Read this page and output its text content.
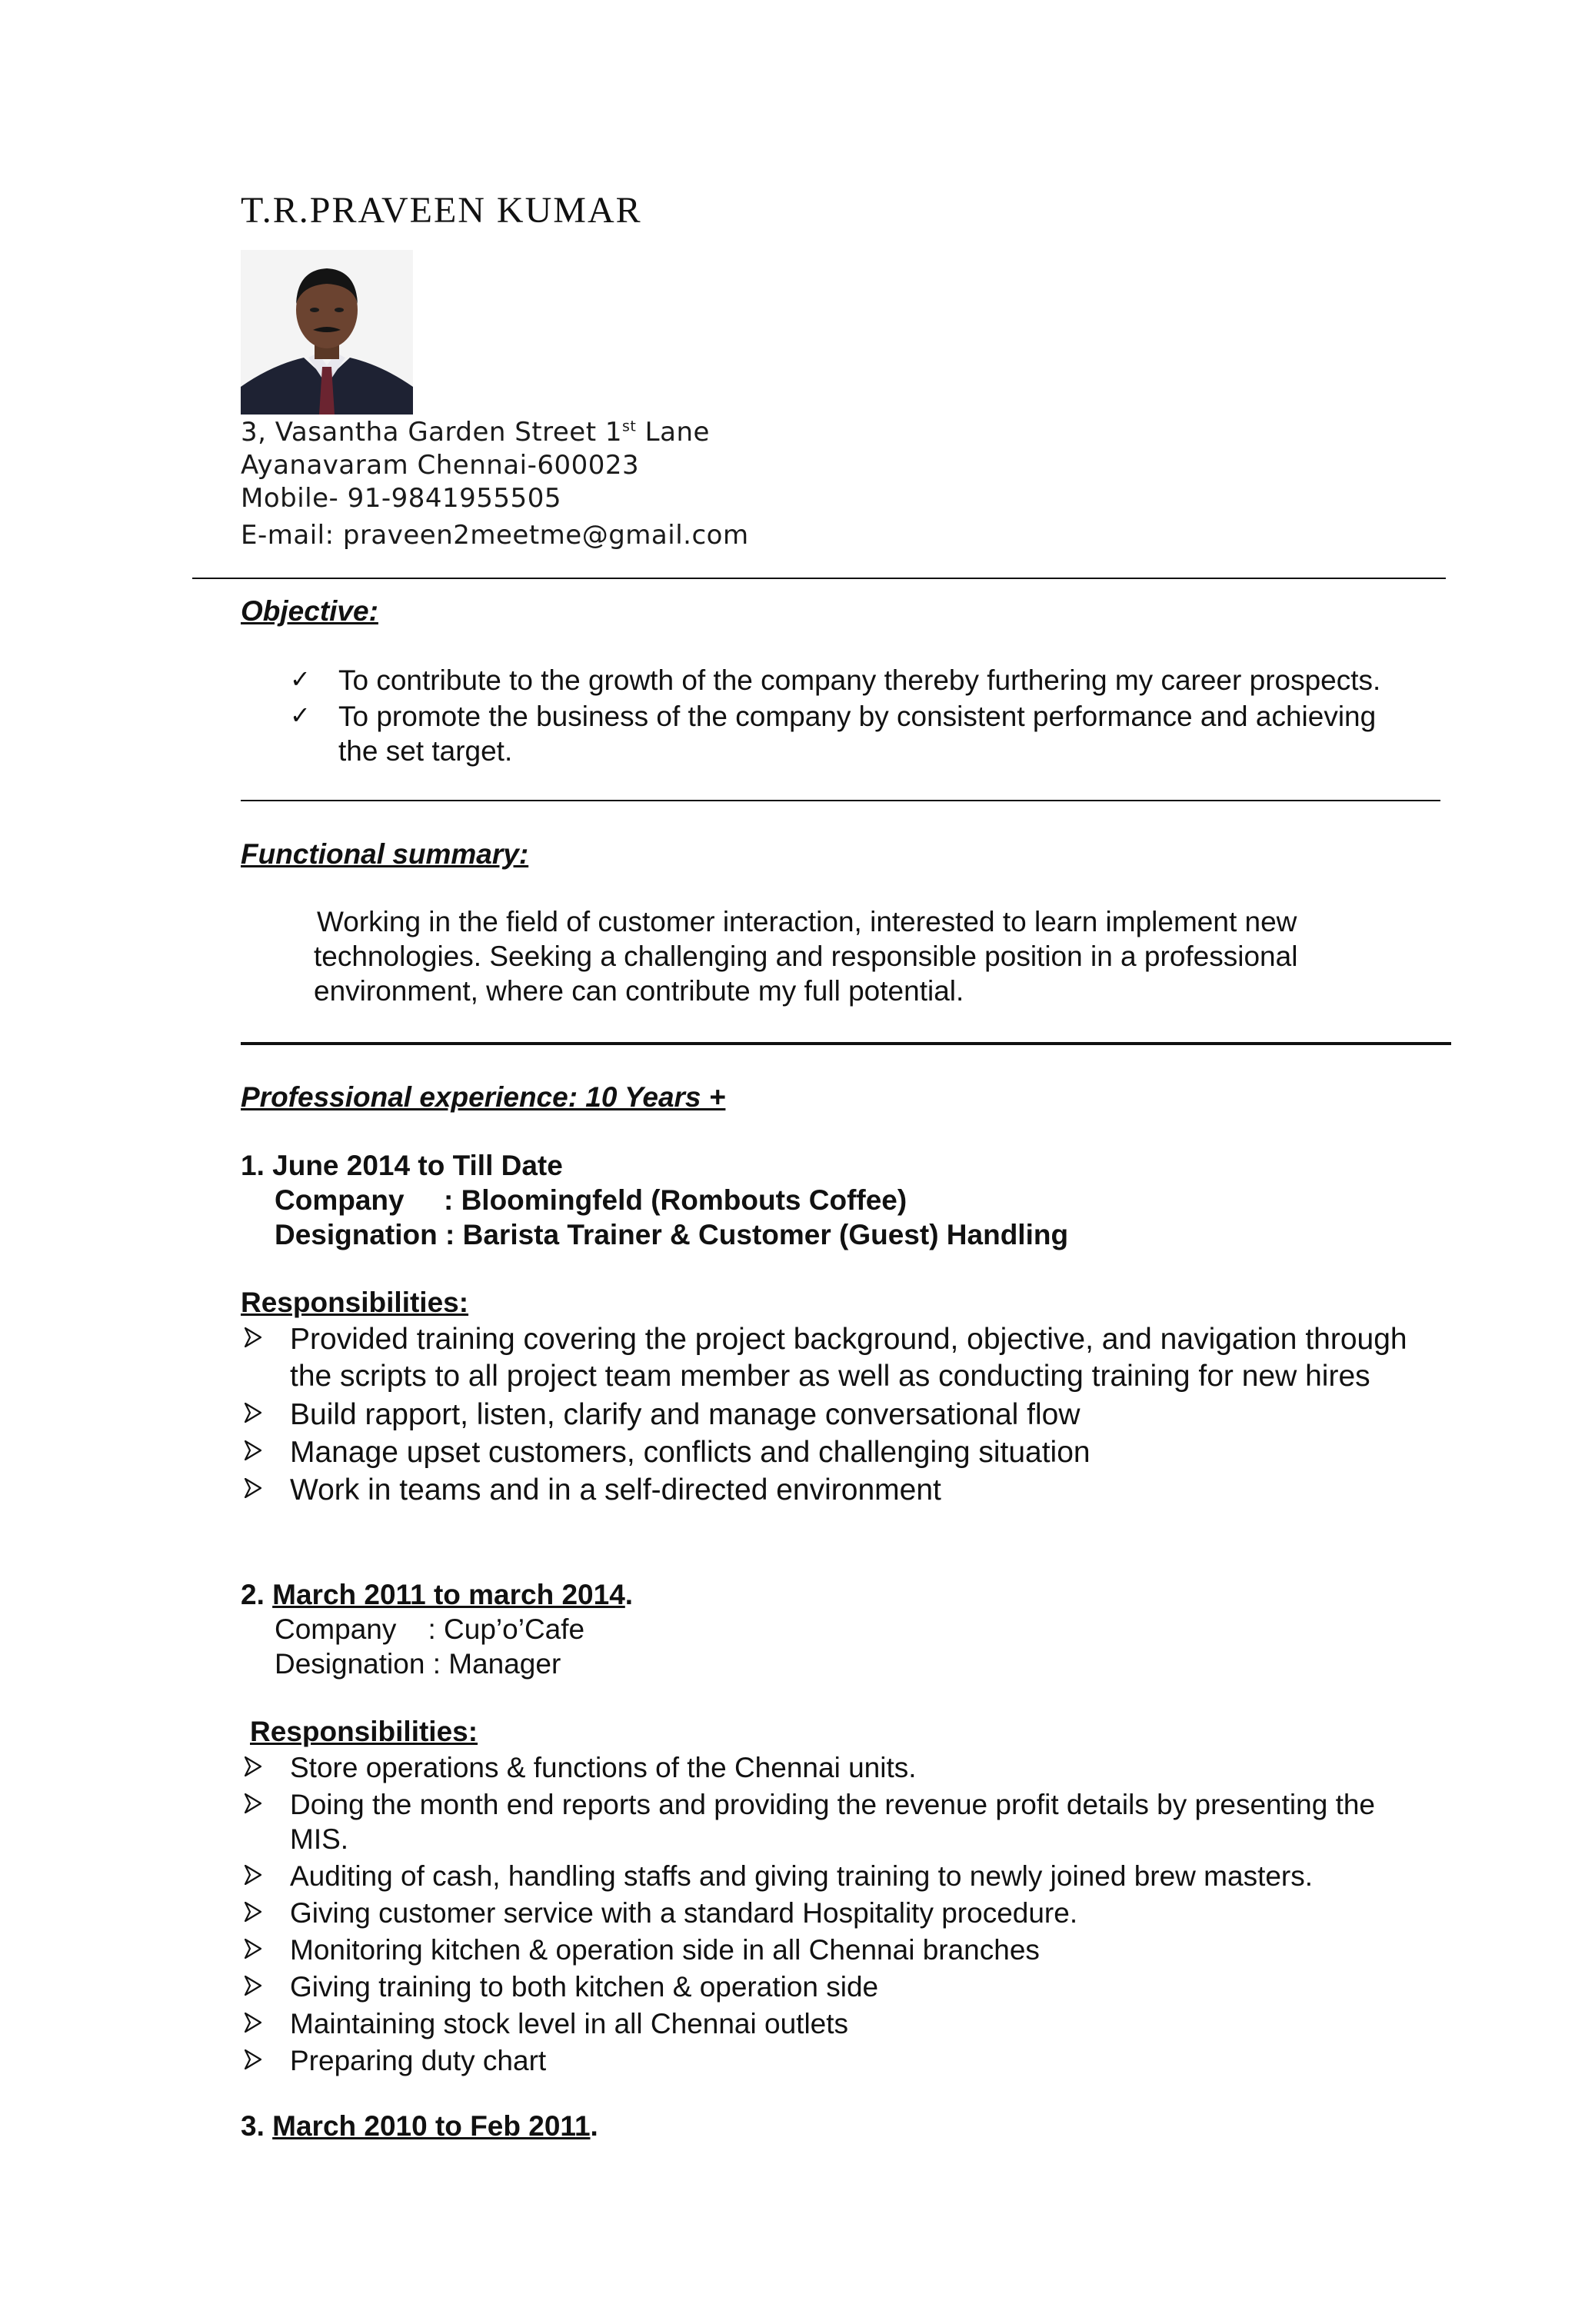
T.R.PRAVEEN KUMAR
3, Vasantha Garden Street 1st Lane
Ayanavaram Chennai-600023
Mobile- 91-9841955505
E-mail: praveen2meetme@gmail.com
Objective:
✓ To contribute to the growth of the company thereby furthering my career prospects.
✓ To promote the business of the company by consistent performance and achieving
the set target.
Functional summary:
Working in the field of customer interaction, interested to learn implement new
technologies. Seeking a challenging and responsible position in a professional
environment, where can contribute my full potential.
Professional experience: 10 Years +
1. June 2014 to Till Date
Company : Bloomingfeld (Rombouts Coffee)
Designation : Barista Trainer & Customer (Guest) Handling
Responsibilities:
Provided training covering the project background, objective, and navigation through
the scripts to all project team member as well as conducting training for new hires
Build rapport, listen, clarify and manage conversational flow
Manage upset customers, conflicts and challenging situation
Work in teams and in a self-directed environment
2. March 2011 to march 2014.
Company : Cup’o’Cafe
Designation : Manager
Responsibilities:
Store operations & functions of the Chennai units.
Doing the month end reports and providing the revenue profit details by presenting the
MIS.
Auditing of cash, handling staffs and giving training to newly joined brew masters.
Giving customer service with a standard Hospitality procedure.
Monitoring kitchen & operation side in all Chennai branches
Giving training to both kitchen & operation side
Maintaining stock level in all Chennai outlets
Preparing duty chart
3. March 2010 to Feb 2011.
